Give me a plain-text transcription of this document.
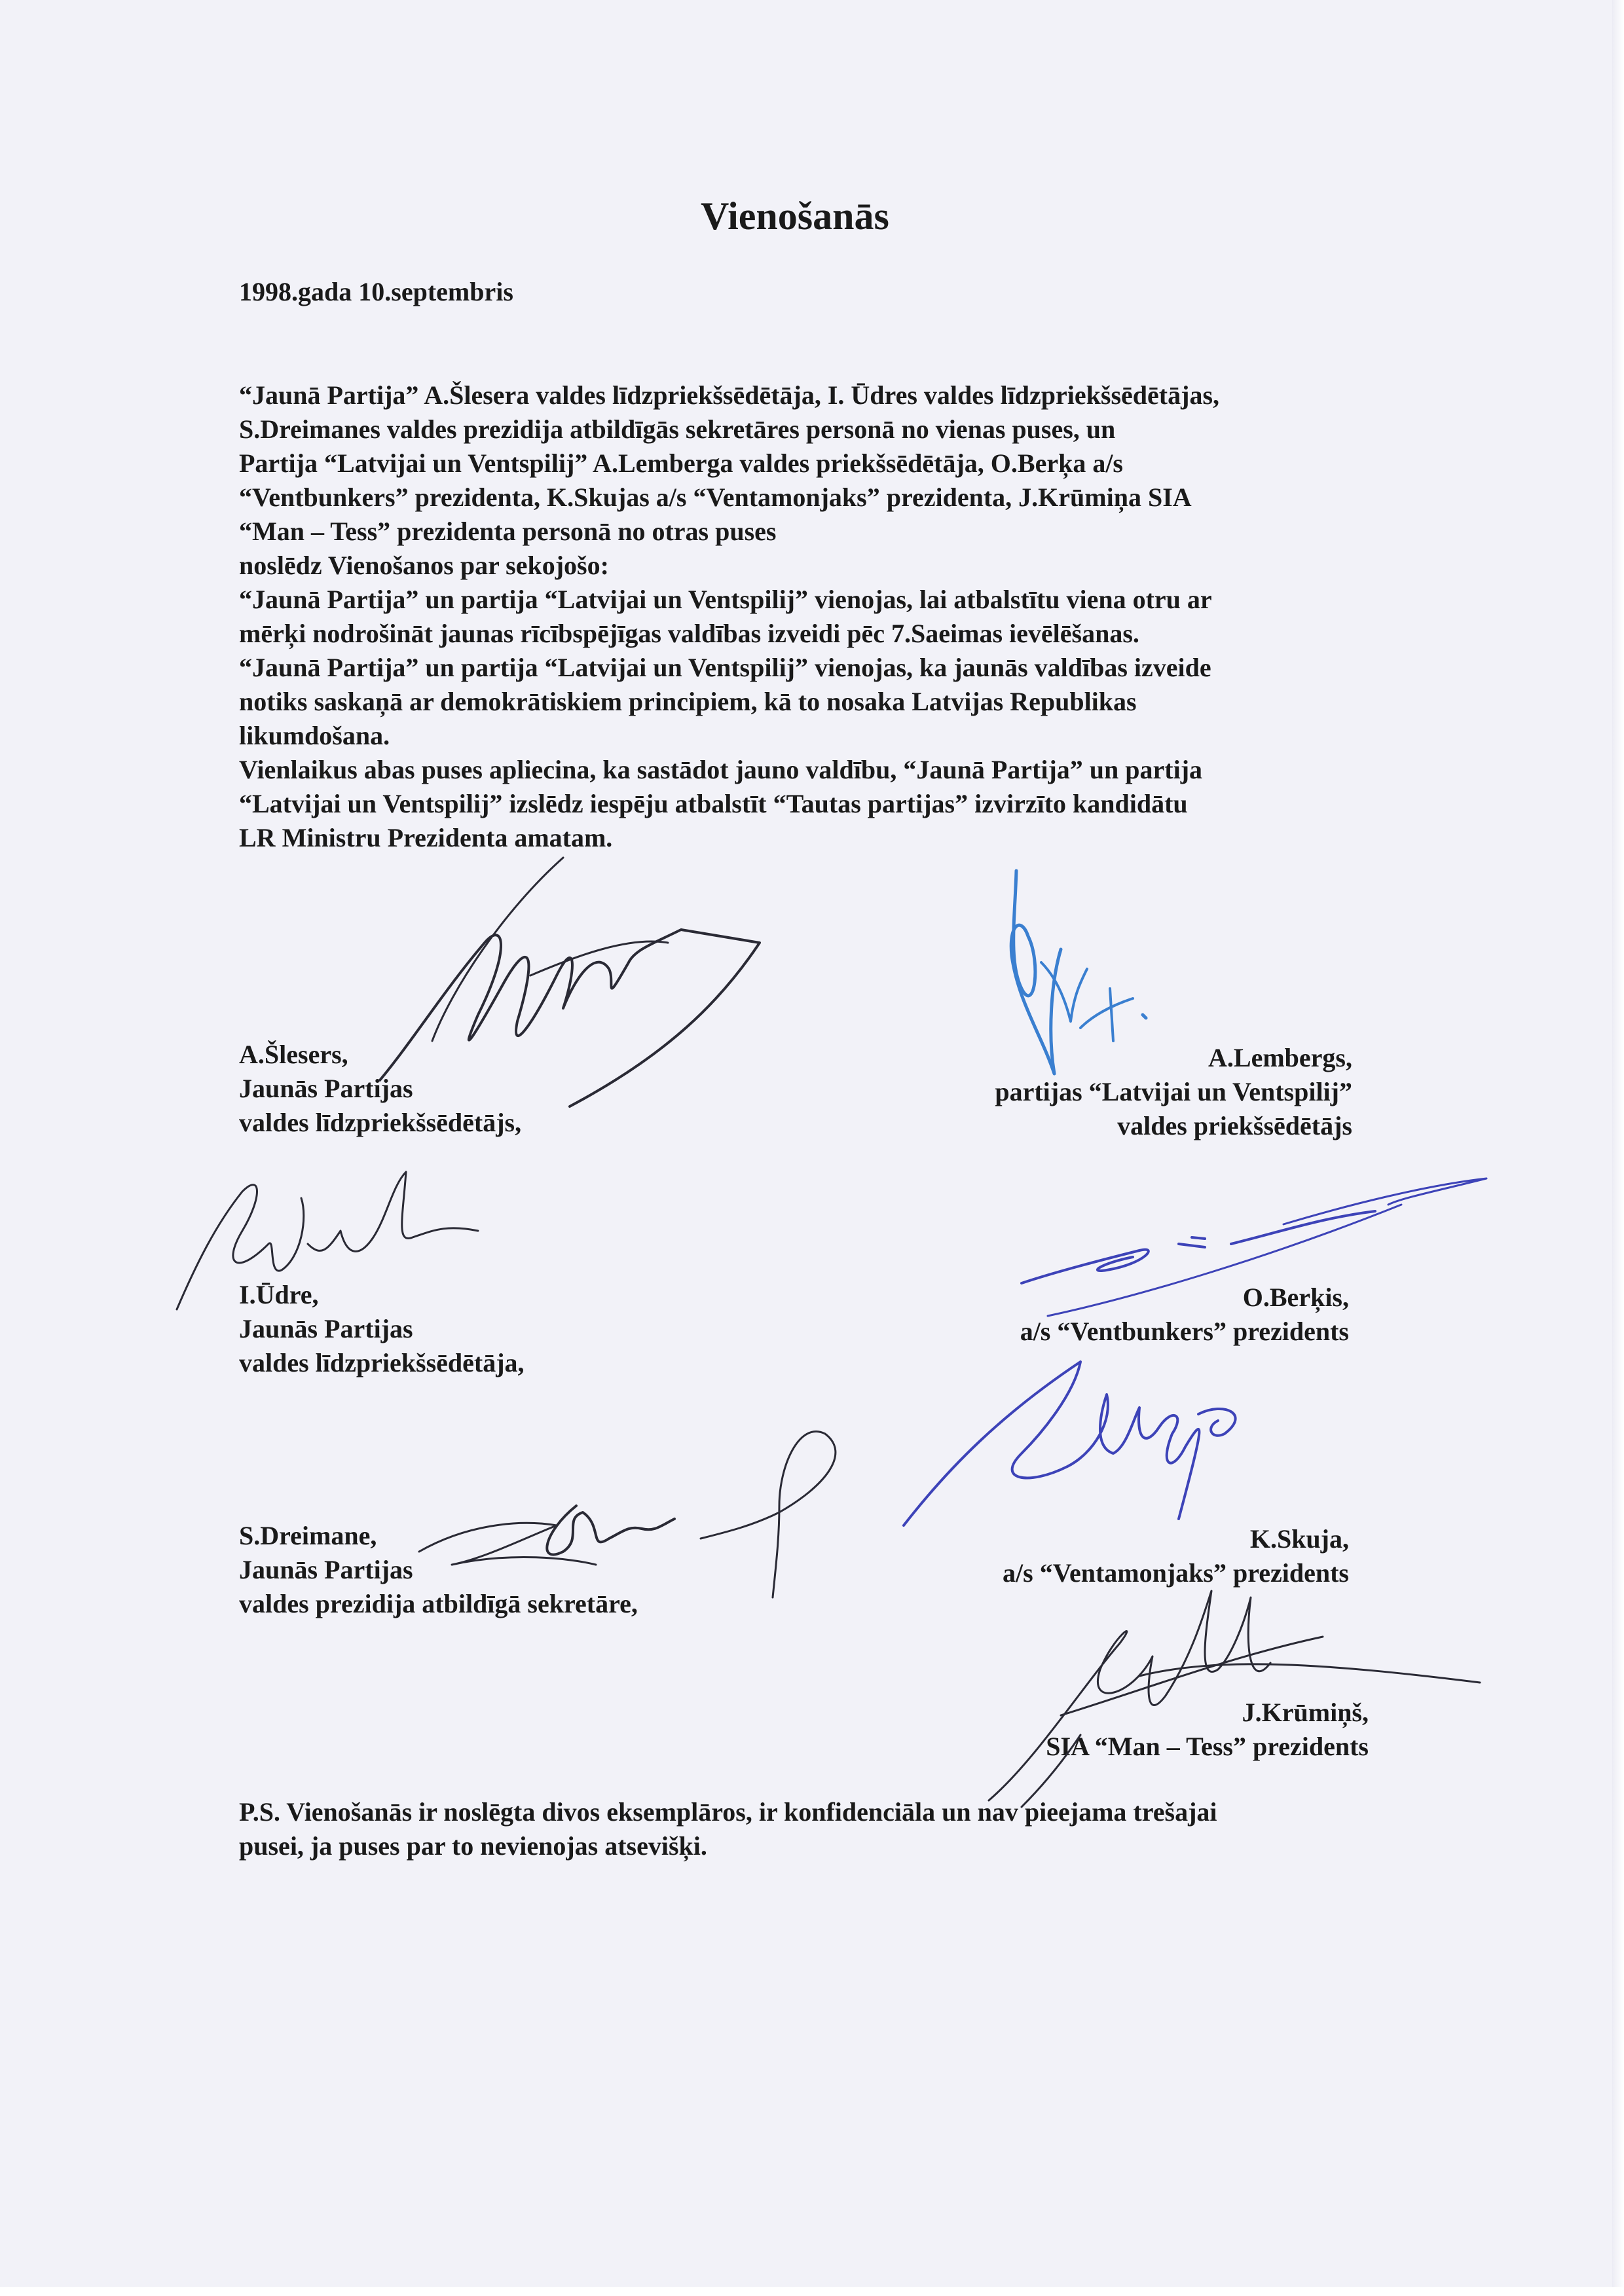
Vienošanās
1998.gada 10.septembris
“Jaunā Partija” A.Šlesera valdes līdzpriekšsēdētāja, I. Ūdres valdes līdzpriekšsēdētājas,
S.Dreimanes valdes prezidija atbildīgās sekretāres personā no vienas puses, un
Partija “Latvijai un Ventspilij” A.Lemberga valdes priekšsēdētāja, O.Berķa a/s
“Ventbunkers” prezidenta, K.Skujas a/s “Ventamonjaks” prezidenta, J.Krūmiņa SIA
“Man – Tess” prezidenta personā no otras puses
noslēdz Vienošanos par sekojošo:
“Jaunā Partija” un partija “Latvijai un Ventspilij” vienojas, lai atbalstītu viena otru ar
mērķi nodrošināt jaunas rīcībspējīgas valdības izveidi pēc 7.Saeimas ievēlēšanas.
“Jaunā Partija” un partija “Latvijai un Ventspilij” vienojas, ka jaunās valdības izveide
notiks saskaņā ar demokrātiskiem principiem, kā to nosaka Latvijas Republikas
likumdošana.
Vienlaikus abas puses apliecina, ka sastādot jauno valdību, “Jaunā Partija” un partija
“Latvijai un Ventspilij” izslēdz iespēju atbalstīt “Tautas partijas” izvirzīto kandidātu
LR Ministru Prezidenta amatam.
A.Šlesers,
Jaunās Partijas
valdes līdzpriekšsēdētājs,
I.Ūdre,
Jaunās Partijas
valdes līdzpriekšsēdētāja,
S.Dreimane,
Jaunās Partijas
valdes prezidija atbildīgā sekretāre,
A.Lembergs,
partijas “Latvijai un Ventspilij”
valdes priekšsēdētājs
O.Berķis,
a/s “Ventbunkers” prezidents
K.Skuja,
a/s “Ventamonjaks” prezidents
J.Krūmiņš,
SIA “Man – Tess” prezidents
P.S. Vienošanās ir noslēgta divos eksemplāros, ir konfidenciāla un nav pieejama trešajai
pusei, ja puses par to nevienojas atsevišķi.
